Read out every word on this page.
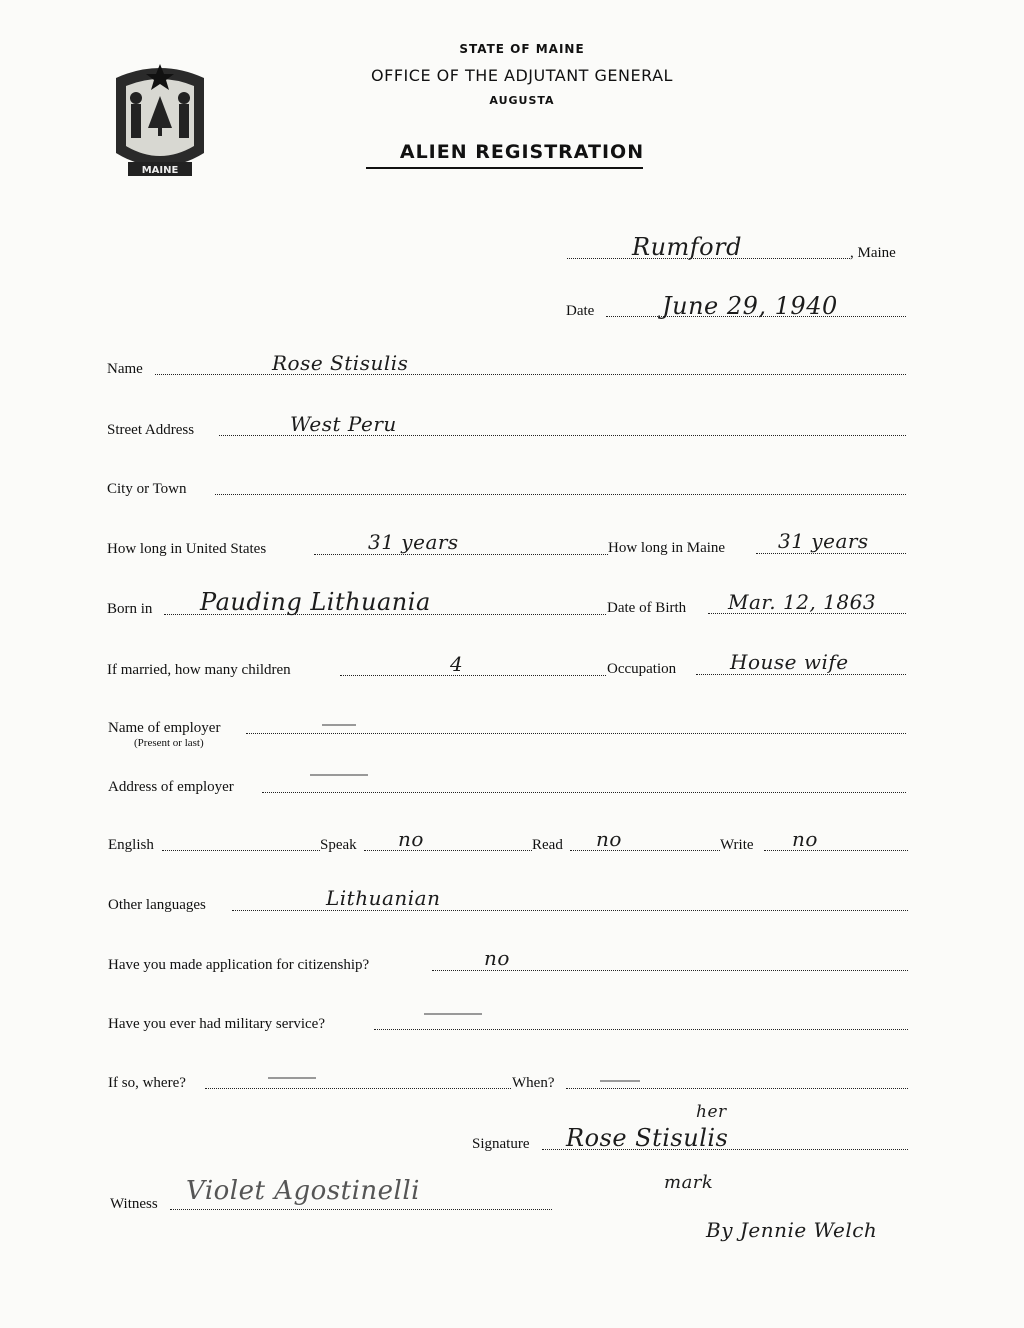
MAINE
STATE OF MAINE
OFFICE OF THE ADJUTANT GENERAL
AUGUSTA
ALIEN REGISTRATION
Rumford	, Maine
Date	June 29, 1940
Name	Rose Stisulis
Street Address	West Peru
City or Town
How long in United States	31 years	How long in Maine	31 years
Born in Pauding Lithuania	Date of Birth Mar. 12, 1863
If married, how many children	4	Occupation	House wife
Name of employer
(Present or last)
Address of employer
English	Speak no	Read no	Write no
Other languages	Lithuanian
Have you made application for citizenship?	no
Have you ever had military service?
If so, where?	When?
Signature Rose Stisulis
her
mark
By Jennie Welch
Witness Violet Agostinelli
